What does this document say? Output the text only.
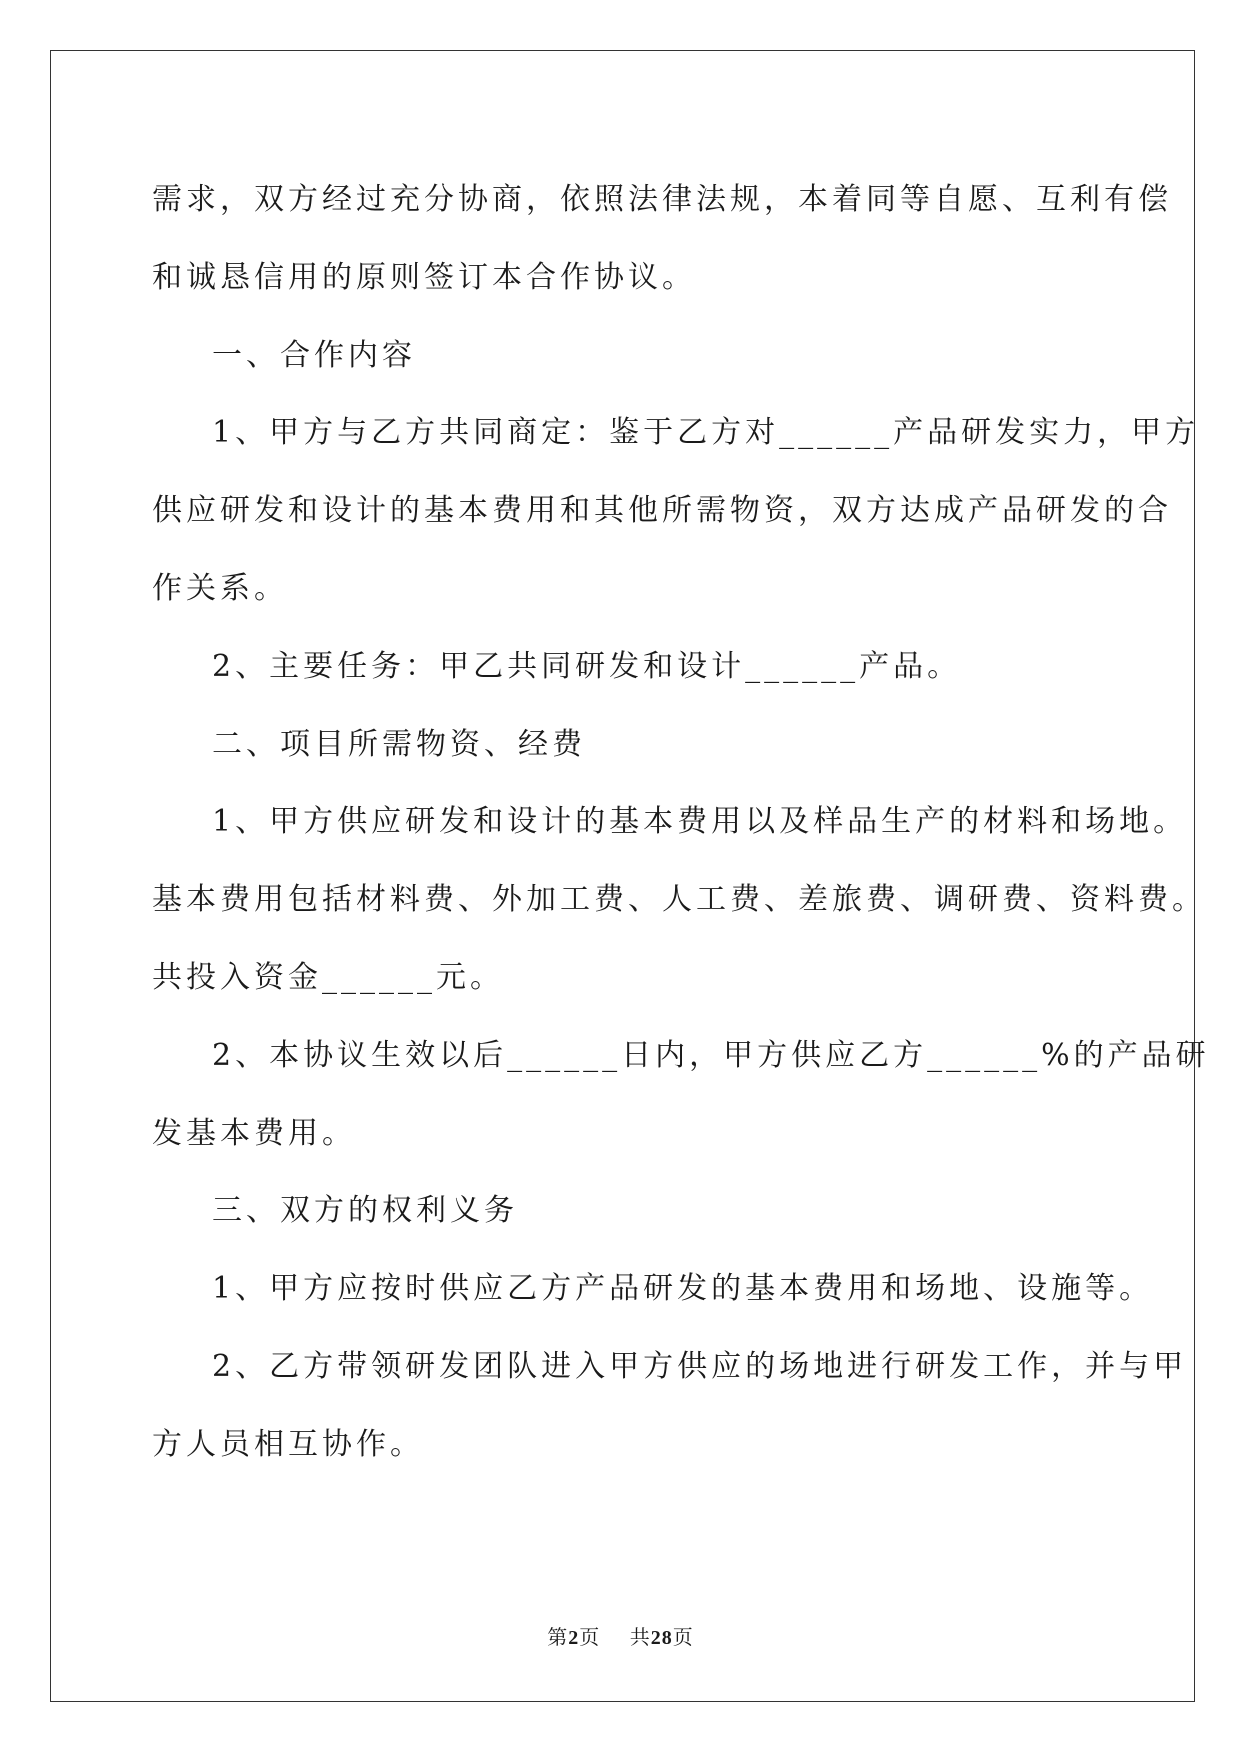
需求，双方经过充分协商，依照法律法规，本着同等自愿、互利有偿

和诚恳信用的原则签订本合作协议。

一、合作内容

1、甲方与乙方共同商定：鉴于乙方对______产品研发实力，甲方

供应研发和设计的基本费用和其他所需物资，双方达成产品研发的合

作关系。

2、主要任务：甲乙共同研发和设计______产品。

二、项目所需物资、经费

1、甲方供应研发和设计的基本费用以及样品生产的材料和场地。

基本费用包括材料费、外加工费、人工费、差旅费、调研费、资料费。

共投入资金______元。

2、本协议生效以后______日内，甲方供应乙方______%的产品研

发基本费用。

三、双方的权利义务

1、甲方应按时供应乙方产品研发的基本费用和场地、设施等。

2、乙方带领研发团队进入甲方供应的场地进行研发工作，并与甲

方人员相互协作。

第2页 共28页
